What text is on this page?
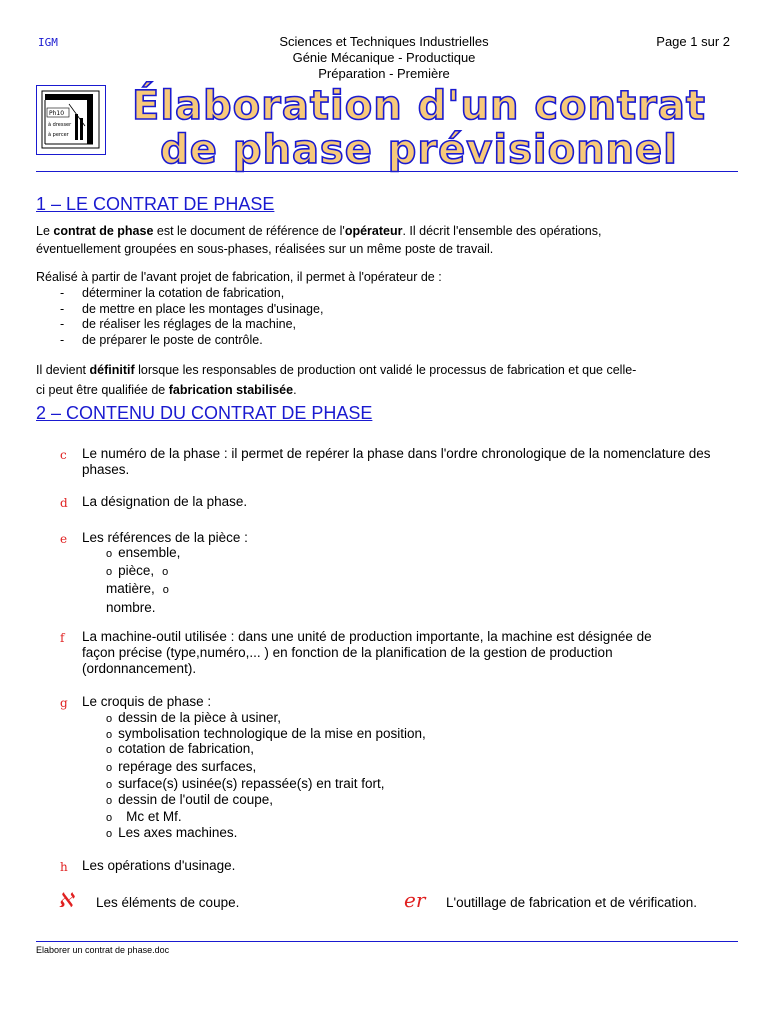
IGM	Sciences et Techniques Industrielles
Génie Mécanique - Productique
Préparation - Première
Page 1 sur 2
Ph10
à dresser
à percer
Élaboration d'un contrat
de phase prévisionnel
1 – LE CONTRAT DE PHASE
Le contrat de phase est le document de référence de l'opérateur. Il décrit l'ensemble des opérations,
éventuellement groupées en sous-phases, réalisées sur un même poste de travail.
Réalisé à partir de l'avant projet de fabrication, il permet à l'opérateur de :
- déterminer la cotation de fabrication,
- de mettre en place les montages d'usinage,
- de réaliser les réglages de la machine,
- de préparer le poste de contrôle.
Il devient définitif lorsque les responsables de production ont validé le processus de fabrication et que celle-
ci peut être qualifiée de fabrication stabilisée.
2 – CONTENU DU CONTRAT DE PHASE
c Le numéro de la phase : il permet de repérer la phase dans l'ordre chronologique de la nomenclature des phases.
d La désignation de la phase.
e Les références de la pièce :
o ensemble,
o pièce, o
matière, o
nombre.
f La machine-outil utilisée : dans une unité de production importante, la machine est désignée de façon précise (type,numéro,... ) en fonction de la planification de la gestion de production (ordonnancement).
g Le croquis de phase :
o dessin de la pièce à usiner,
o symbolisation technologique de la mise en position,
o cotation de fabrication,
o repérage des surfaces,
o surface(s) usinée(s) repassée(s) en trait fort,
o dessin de l'outil de coupe,
o Mc et Mf.
o Les axes machines.
h Les opérations d'usinage.
ℵ Les éléments de coupe.	er L'outillage de fabrication et de vérification.
Elaborer un contrat de phase.doc
